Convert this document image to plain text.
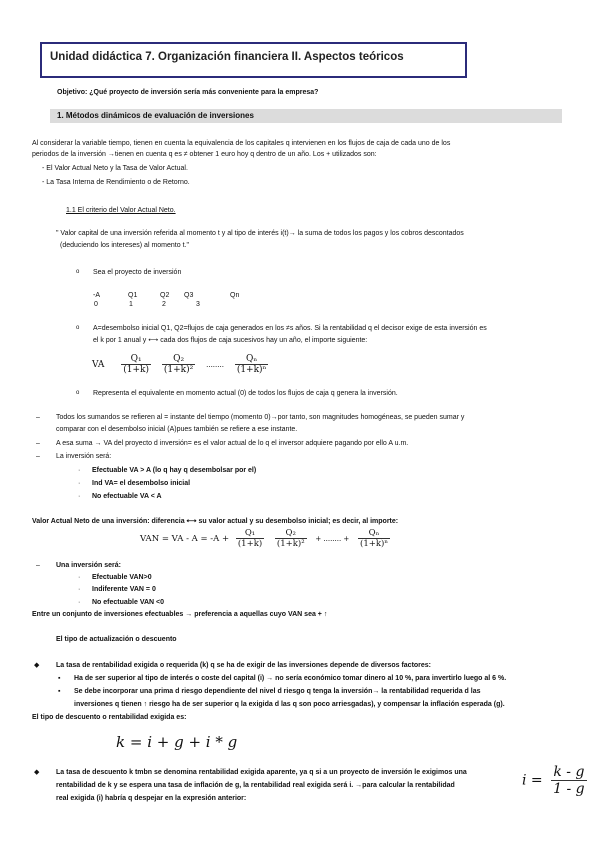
Unidad didáctica 7. Organización financiera II. Aspectos teóricos
Objetivo: ¿Qué proyecto de inversión sería más conveniente para la empresa?
1. Métodos dinámicos de evaluación de inversiones
Al considerar la variable tiempo, tienen en cuenta la equivalencia de los capitales q intervienen en los flujos de caja de cada uno de los
periodos de la inversión →tienen en cuenta q es ≠ obtener 1 euro hoy q dentro de un año. Los + utilizados son:
- El Valor Actual Neto y la Tasa de Valor Actual.
- La Tasa Interna de Rendimiento o de Retorno.
1.1 El criterio del Valor Actual Neto.
" Valor capital de una inversión referida al momento t y al tipo de interés i(t)→ la suma de todos los pagos y los cobros descontados
(deduciendo los intereses) al momento t."
o Sea el proyecto de inversión
-A	Q1	Q2 Q3	Qn
0	1	2	3
o A=desembolso inicial Q1, Q2=flujos de caja generados en los ≠s años. Si la rentabilidad q el decisor exige de esta inversión es
el k por 1 anual y ⟷ cada dos flujos de caja sucesivos hay un año, el importe siguiente:
VA $\frac{\text{Q₁}}{(1+k)}$
$\frac{\text{Q₂}}{\text{(1+k)²}}$ ........ $\frac{\text{Qₙ}}{\text{(1+k)ⁿ}}$
o Representa el equivalente en momento actual (0) de todos los flujos de caja q genera la inversión.
– Todos los sumandos se refieren al = instante del tiempo (momento 0)→por tanto, son magnitudes homogéneas, se pueden sumar y
comparar con el desembolso inicial (A)pues también se refiere a ese instante.
– A esa suma → VA del proyecto d inversión= es el valor actual de lo q el inversor adquiere pagando por ello A u.m.
– La inversión será:
· Efectuable VA > A (lo q hay q desembolsar por el)
· Ind VA= el desembolso inicial
· No efectuable VA < A
Valor Actual Neto de una inversión: diferencia ⟷ su valor actual y su desembolso inicial; es decir, al importe:
VAN = VA - $A = -A + \frac{\text{Q₁}}{(1+k)}$
$\frac{\text{Q₂}}{\text{(1+k)²}}$ + ........ + $\frac{\text{Qₙ}}{\text{(1+k)ⁿ}}$
– Una inversión será:
· Efectuable VAN>0
· Indiferente VAN = 0
· No efectuable VAN <0
Entre un conjunto de inversiones efectuables → preferencia a aquellas cuyo VAN sea + ↑
El tipo de actualización o descuento
◆ La tasa de rentabilidad exigida o requerida (k) q se ha de exigir de las inversiones depende de diversos factores:
▪ Ha de ser superior al tipo de interés o coste del capital (i) → no sería económico tomar dinero al 10 %, para invertirlo luego al 6 %.
▪ Se debe incorporar una prima d riesgo dependiente del nivel d riesgo q tenga la inversión→ la rentabilidad requerida d las
inversiones q tienen ↑ riesgo ha de ser superior q la exigida d las q son poco arriesgadas), y compensar la inflación esperada (g).
El tipo de descuento o rentabilidad exigida es:
k = i + g + i * g
◆ La tasa de descuento k tmbn se denomina rentabilidad exigida aparente, ya q si a un proyecto de inversión le exigimos una
rentabilidad de k y se espera una tasa de inflación de g, la rentabilidad real exigida será i. →para calcular la rentabilidad
real exigida (i) habría q despejar en la expresión anterior:
$i = \frac{k - g}{1 - g}$
